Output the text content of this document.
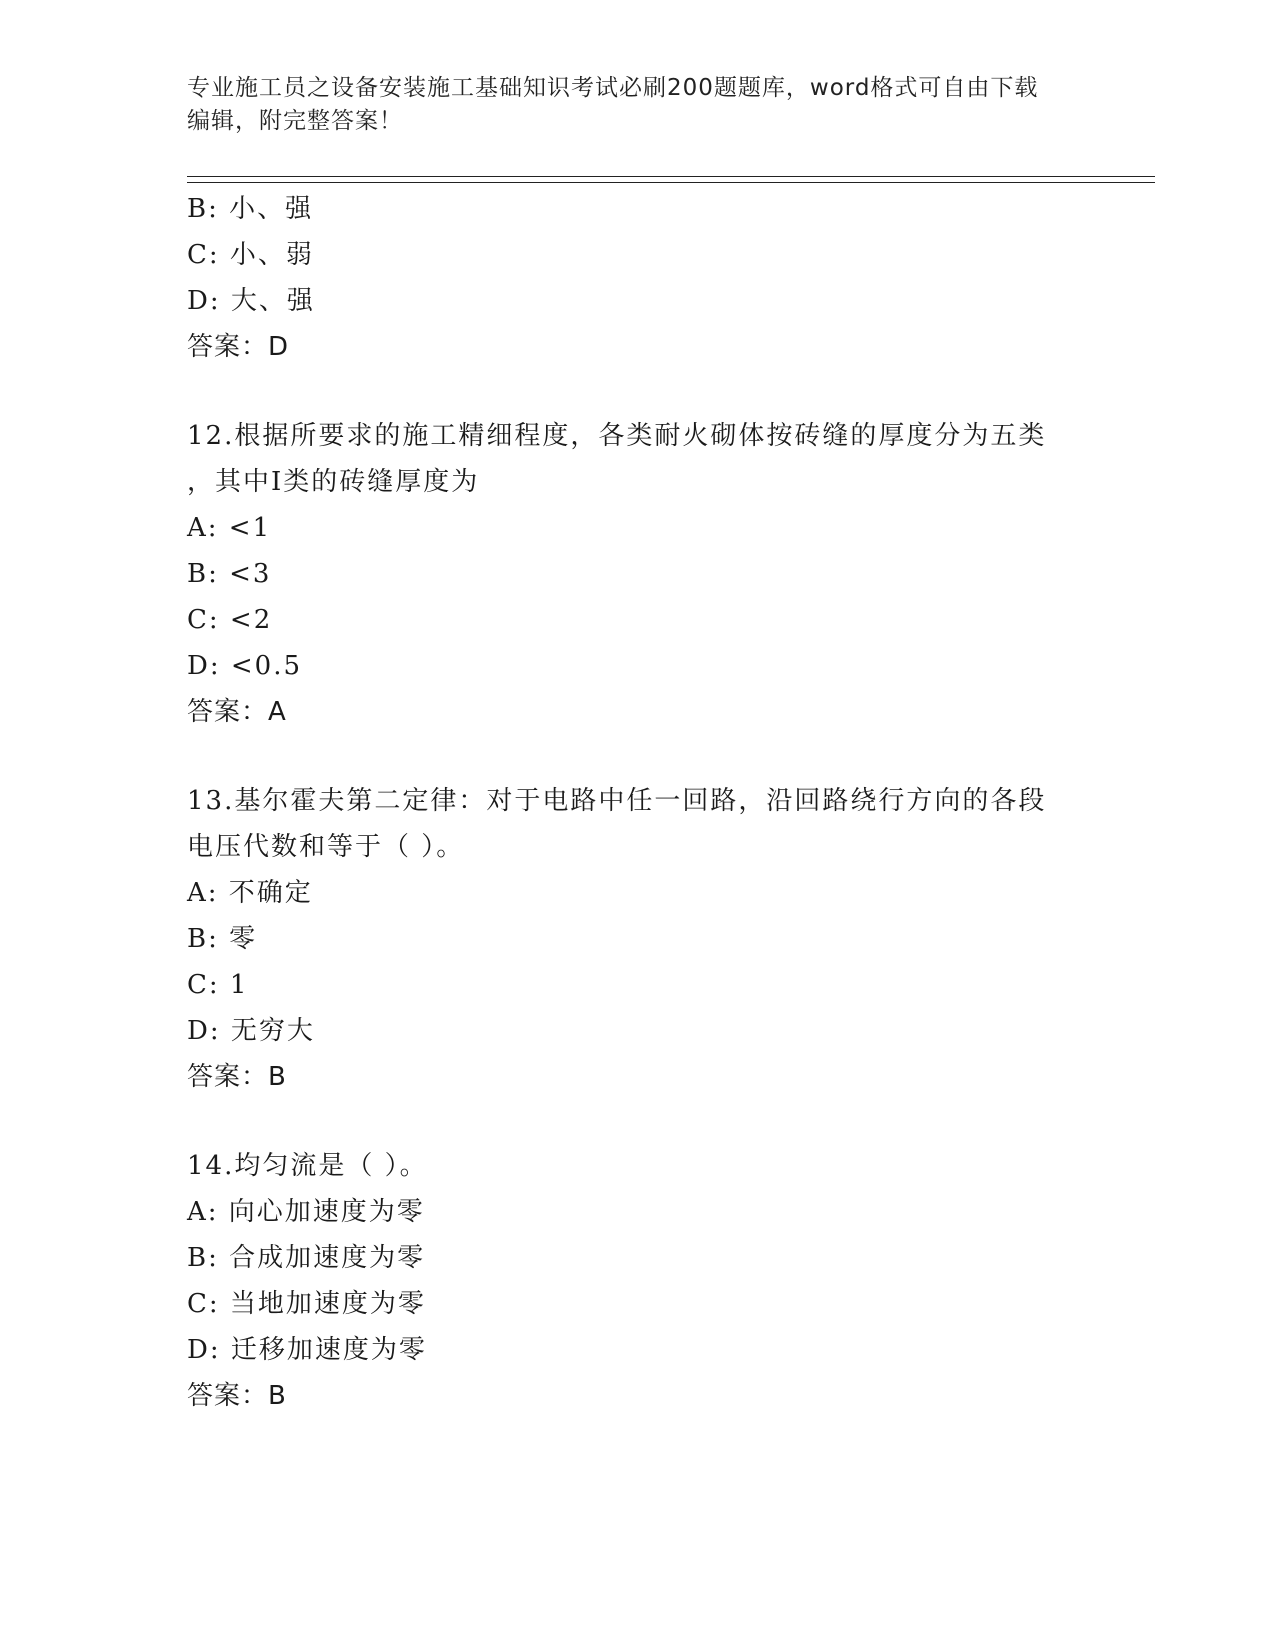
专业施工员之设备安装施工基础知识考试必刷200题题库，word格式可自由下载
编辑，附完整答案！
B: 小、强
C: 小、弱
D: 大、强
答案：D
12.根据所要求的施工精细程度，各类耐火砌体按砖缝的厚度分为五类
，其中Ⅰ类的砖缝厚度为
A: <1
B: <3
C: <2
D: <0.5
答案：A
13.基尔霍夫第二定律：对于电路中任一回路，沿回路绕行方向的各段
电压代数和等于（ ）。
A: 不确定
B: 零
C: 1
D: 无穷大
答案：B
14.均匀流是（ ）。
A: 向心加速度为零
B: 合成加速度为零
C: 当地加速度为零
D: 迁移加速度为零
答案：B
